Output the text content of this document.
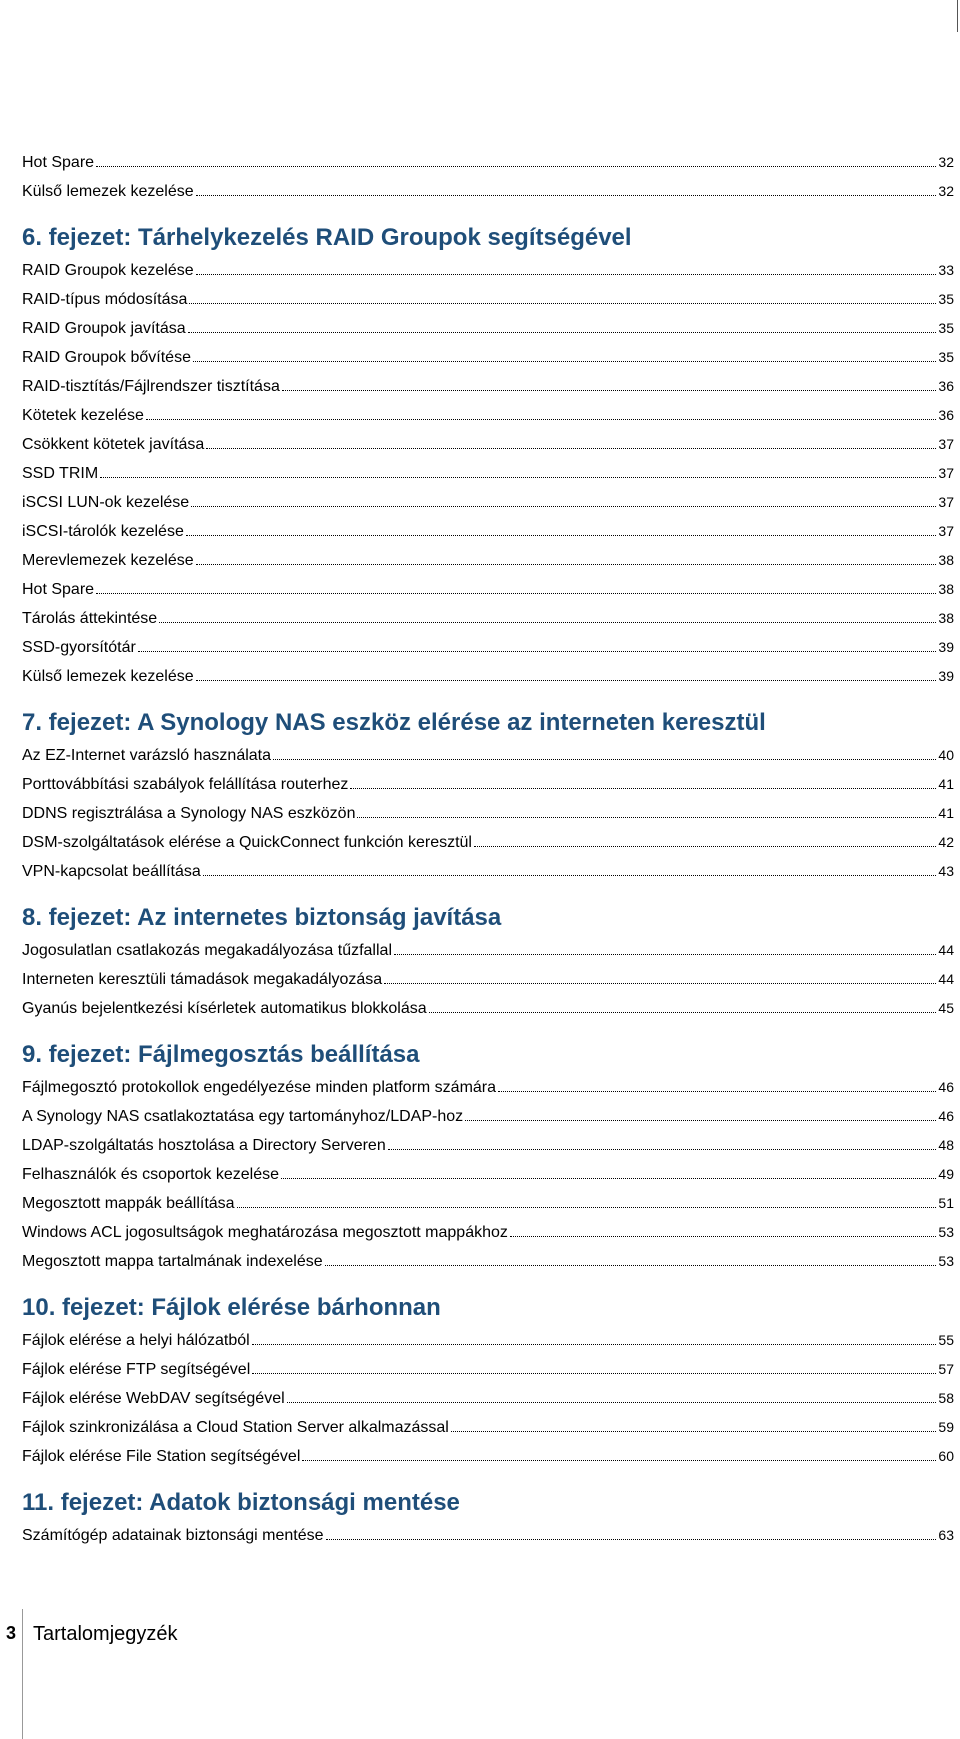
Hot Spare	32
Külső lemezek kezelése	32
6. fejezet: Tárhelykezelés RAID Groupok segítségével
RAID Groupok kezelése	33
RAID-típus módosítása	35
RAID Groupok javítása	35
RAID Groupok bővítése	35
RAID-tisztítás/Fájlrendszer tisztítása	36
Kötetek kezelése	36
Csökkent kötetek javítása	37
SSD TRIM	37
iSCSI LUN-ok kezelése	37
iSCSI-tárolók kezelése	37
Merevlemezek kezelése	38
Hot Spare	38
Tárolás áttekintése	38
SSD-gyorsítótár	39
Külső lemezek kezelése	39
7. fejezet: A Synology NAS eszköz elérése az interneten keresztül
Az EZ-Internet varázsló használata	40
Porttovábbítási szabályok felállítása routerhez	41
DDNS regisztrálása a Synology NAS eszközön	41
DSM-szolgáltatások elérése a QuickConnect funkción keresztül	42
VPN-kapcsolat beállítása	43
8. fejezet: Az internetes biztonság javítása
Jogosulatlan csatlakozás megakadályozása tűzfallal	44
Interneten keresztüli támadások megakadályozása	44
Gyanús bejelentkezési kísérletek automatikus blokkolása	45
9. fejezet: Fájlmegosztás beállítása
Fájlmegosztó protokollok engedélyezése minden platform számára	46
A Synology NAS csatlakoztatása egy tartományhoz/LDAP-hoz	46
LDAP-szolgáltatás hosztolása a Directory Serveren	48
Felhasználók és csoportok kezelése	49
Megosztott mappák beállítása	51
Windows ACL jogosultságok meghatározása megosztott mappákhoz	53
Megosztott mappa tartalmának indexelése	53
10. fejezet: Fájlok elérése bárhonnan
Fájlok elérése a helyi hálózatból	55
Fájlok elérése FTP segítségével	57
Fájlok elérése WebDAV segítségével	58
Fájlok szinkronizálása a Cloud Station Server alkalmazással	59
Fájlok elérése File Station segítségével	60
11. fejezet: Adatok biztonsági mentése
Számítógép adatainak biztonsági mentése	63
3 Tartalomjegyzék
